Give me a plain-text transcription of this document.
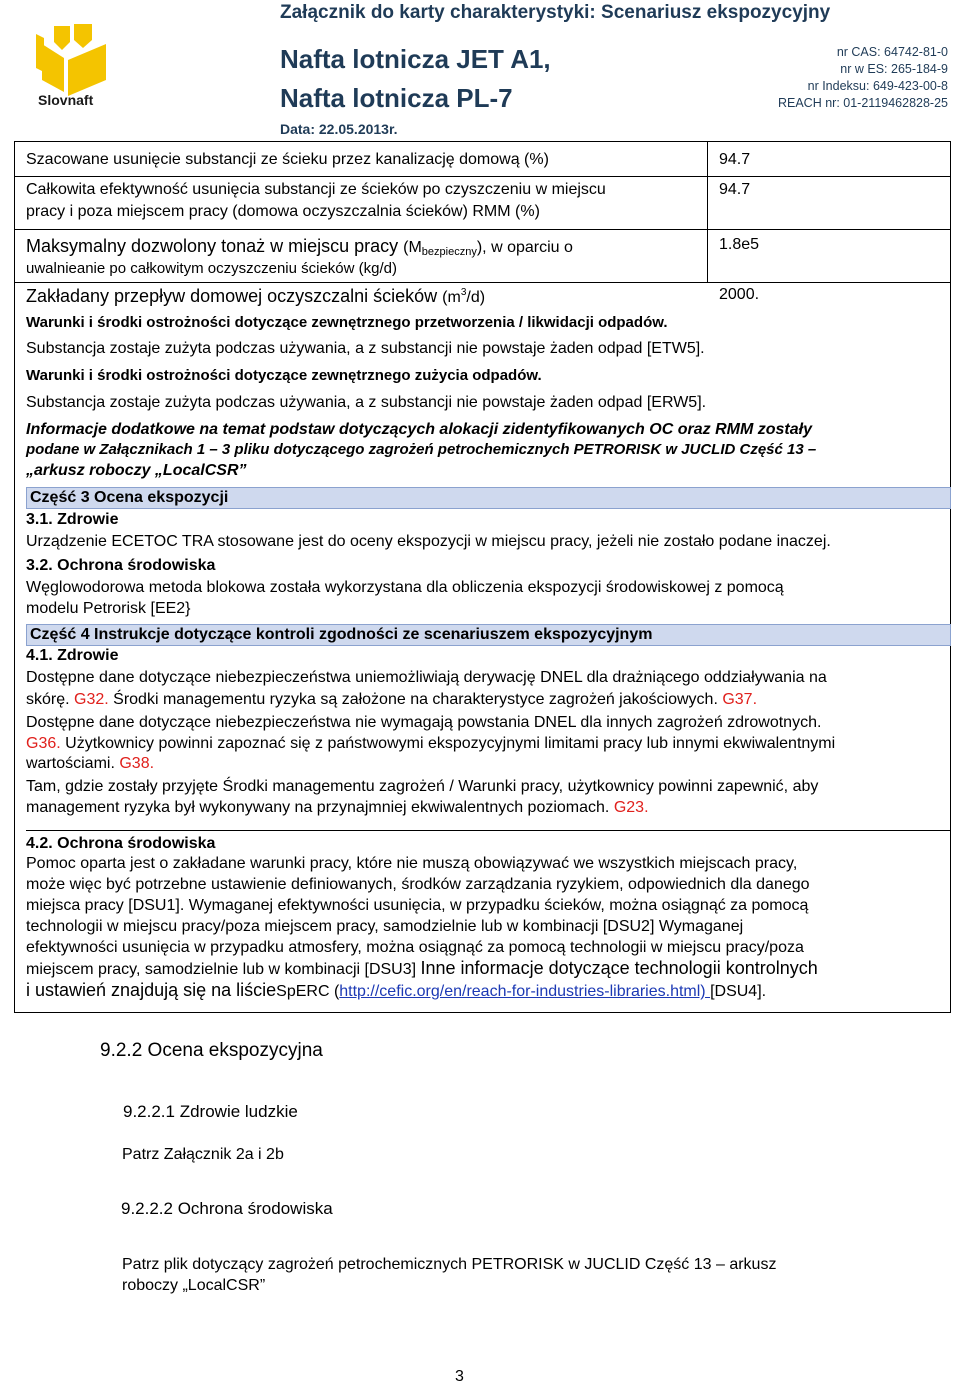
Slovnaft
Załącznik do karty charakterystyki: Scenariusz ekspozycyjny
Nafta lotnicza JET A1,
Nafta lotnicza PL-7
Data: 22.05.2013r.
nr CAS: 64742-81-0
nr w ES: 265-184-9
nr Indeksu: 649-423-00-8
REACH nr: 01-2119462828-25
Szacowane usunięcie substancji ze ścieku przez kanalizację domową (%)	94.7
Całkowita efektywność usunięcia substancji ze ścieków po czyszczeniu w miejscu
pracy i poza miejscem pracy (domowa oczyszczalnia ścieków) RMM (%)
94.7
Maksymalny dozwolony tonaż w miejscu pracy $(M_{bezpieczny})$, w oparciu o
uwalnieanie po całkowitym oczyszczeniu ścieków (kg/d)
1.8e5
Zakładany przepływ domowej oczyszczalni ścieków $(m^3/d)$	2000.
Warunki i środki ostrożności dotyczące zewnętrznego przetworzenia / likwidacji odpadów.
Substancja zostaje zużyta podczas używania, a z substancji nie powstaje żaden odpad [ETW5].
Warunki i środki ostrożności dotyczące zewnętrznego zużycia odpadów.
Substancja zostaje zużyta podczas używania, a z substancji nie powstaje żaden odpad [ERW5].
Informacje dodatkowe na temat podstaw dotyczących alokacji zidentyfikowanych OC oraz RMM zostały
podane w Załącznikach 1 – 3 pliku dotyczącego zagrożeń petrochemicznych PETRORISK w JUCLID Część 13 –
„arkusz roboczy „LocalCSR”
Część 3 Ocena ekspozycji
3.1. Zdrowie
Urządzenie ECETOC TRA stosowane jest do oceny ekspozycji w miejscu pracy, jeżeli nie zostało podane inaczej.
3.2. Ochrona środowiska
Węglowodorowa metoda blokowa została wykorzystana dla obliczenia ekspozycji środowiskowej z pomocą
modelu Petrorisk [EE2}
Część 4 Instrukcje dotyczące kontroli zgodności ze scenariuszem ekspozycyjnym
4.1. Zdrowie
Dostępne dane dotyczące niebezpieczeństwa uniemożliwiają derywację DNEL dla drażniącego oddziaływania na
skórę. G32. Środki managementu ryzyka są założone na charakterystyce zagrożeń jakościowych. G37.
Dostępne dane dotyczące niebezpieczeństwa nie wymagają powstania DNEL dla innych zagrożeń zdrowotnych.
G36. Użytkownicy powinni zapoznać się z państwowymi ekspozycyjnymi limitami pracy lub innymi ekwiwalentnymi
wartościami. G38.
Tam, gdzie zostały przyjęte Środki managementu zagrożeń / Warunki pracy, użytkownicy powinni zapewnić, aby
management ryzyka był wykonywany na przynajmniej ekwiwalentnych poziomach. G23.
4.2. Ochrona środowiska
Pomoc oparta jest o zakładane warunki pracy, które nie muszą obowiązywać we wszystkich miejscach pracy,
może więc być potrzebne ustawienie definiowanych, środków zarządzania ryzykiem, odpowiednich dla danego
miejsca pracy [DSU1]. Wymaganej efektywności usunięcia, w przypadku ścieków, można osiągnąć za pomocą
technologii w miejscu pracy/poza miejscem pracy, samodzielnie lub w kombinacji [DSU2] Wymaganej
efektywności usunięcia w przypadku atmosfery, można osiągnąć za pomocą technologii w miejscu pracy/poza
miejscem pracy, samodzielnie lub w kombinacji [DSU3] Inne informacje dotyczące technologii kontrolnych
i ustawień znajdują się na liścieSpERC (http://cefic.org/en/reach-for-industries-libraries.html) [DSU4].
9.2.2 Ocena ekspozycyjna
9.2.2.1 Zdrowie ludzkie
Patrz Załącznik 2a i 2b
9.2.2.2 Ochrona środowiska
Patrz plik dotyczący zagrożeń petrochemicznych PETRORISK w JUCLID Część 13 – arkusz
roboczy „LocalCSR”
3
